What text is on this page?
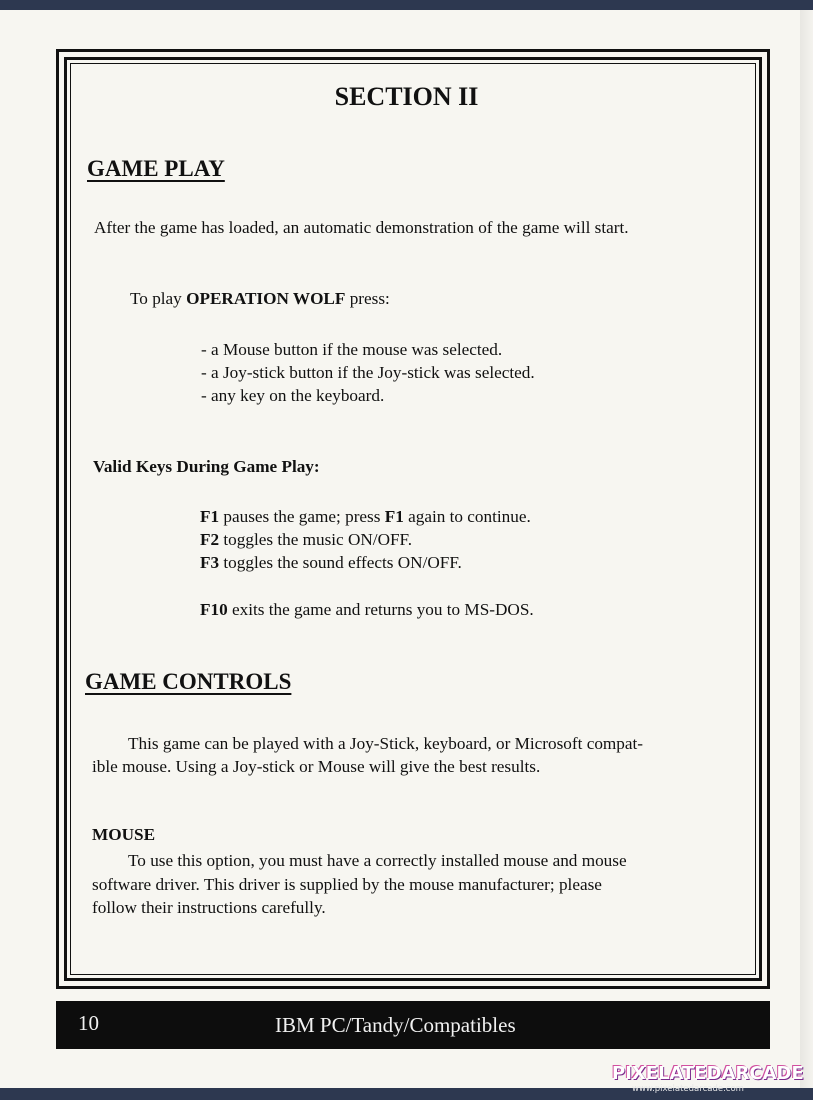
SECTION II
GAME PLAY

After the game has loaded, an automatic demonstration of the game will start.

To play OPERATION WOLF press:

- a Mouse button if the mouse was selected.

- a Joy-stick button if the Joy-stick was selected.

- any key on the keyboard.

Valid Keys During Game Play:

F1 pauses the game; press F1 again to continue.

F2 toggles the music ON/OFF.

F3 toggles the sound effects ON/OFF.

F10 exits the game and returns you to MS-DOS.

GAME CONTROLS

This game can be played with a Joy-Stick, keyboard, or Microsoft compat-

ible mouse. Using a Joy-stick or Mouse will give the best results.

MOUSE

To use this option, you must have a correctly installed mouse and mouse

software driver. This driver is supplied by the mouse manufacturer; please

follow their instructions carefully.

10	IBM PC/Tandy/Compatibles
PIXELATEDARCADE
www.pixelatedarcade.com
